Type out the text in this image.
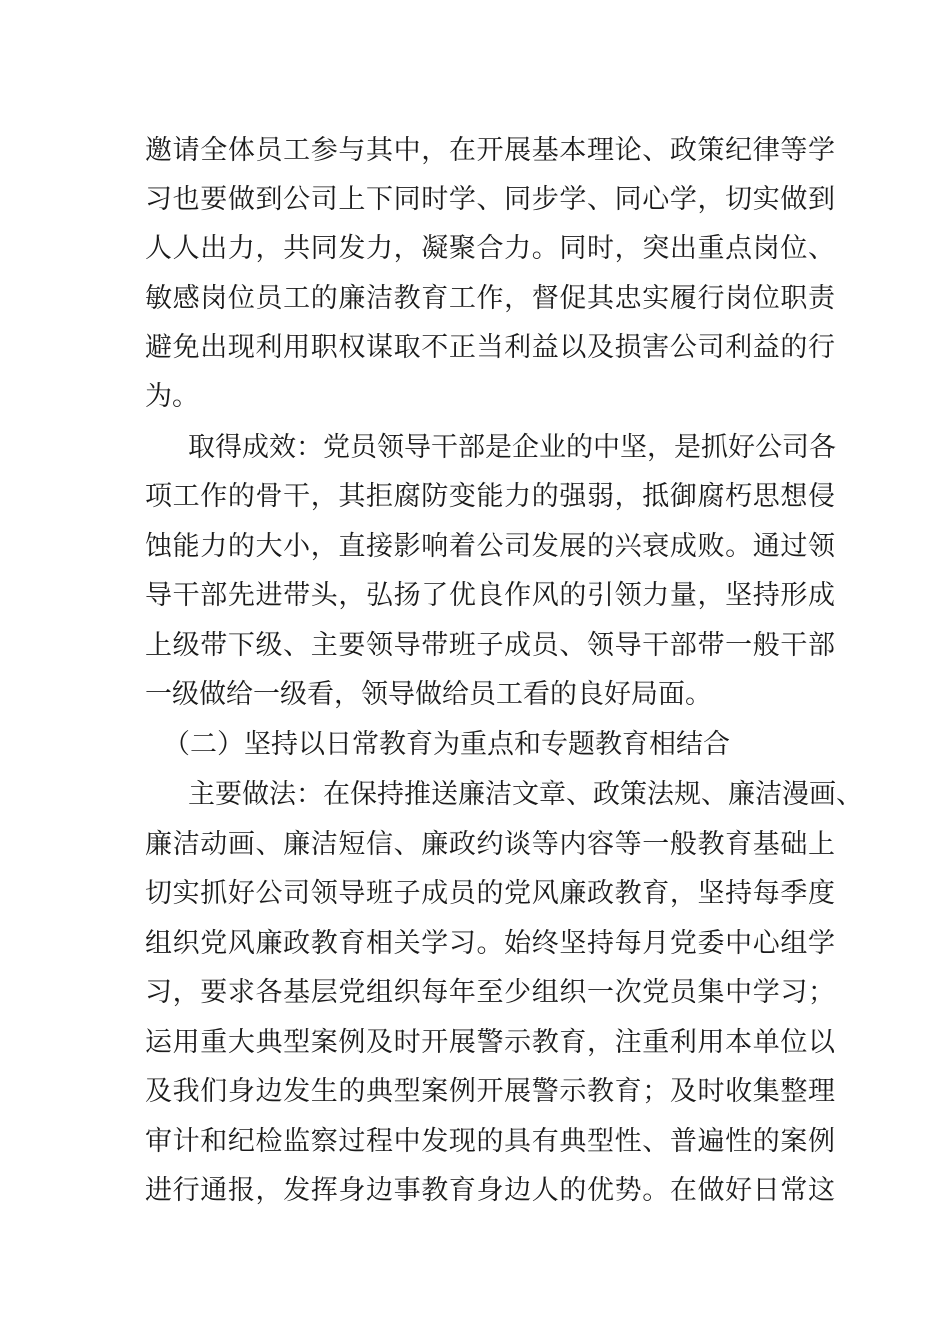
邀请全体员工参与其中，在开展基本理论、政策纪律等学
习也要做到公司上下同时学、同步学、同心学，切实做到
人人出力，共同发力，凝聚合力。同时，突出重点岗位、
敏感岗位员工的廉洁教育工作，督促其忠实履行岗位职责
避免出现利用职权谋取不正当利益以及损害公司利益的行
为。
取得成效：党员领导干部是企业的中坚，是抓好公司各
项工作的骨干，其拒腐防变能力的强弱，抵御腐朽思想侵
蚀能力的大小，直接影响着公司发展的兴衰成败。通过领
导干部先进带头，弘扬了优良作风的引领力量，坚持形成
上级带下级、主要领导带班子成员、领导干部带一般干部
一级做给一级看，领导做给员工看的良好局面。
（二）坚持以日常教育为重点和专题教育相结合
主要做法：在保持推送廉洁文章、政策法规、廉洁漫画、
廉洁动画、廉洁短信、廉政约谈等内容等一般教育基础上
切实抓好公司领导班子成员的党风廉政教育，坚持每季度
组织党风廉政教育相关学习。始终坚持每月党委中心组学
习，要求各基层党组织每年至少组织一次党员集中学习；
运用重大典型案例及时开展警示教育，注重利用本单位以
及我们身边发生的典型案例开展警示教育；及时收集整理
审计和纪检监察过程中发现的具有典型性、普遍性的案例
进行通报，发挥身边事教育身边人的优势。在做好日常这
